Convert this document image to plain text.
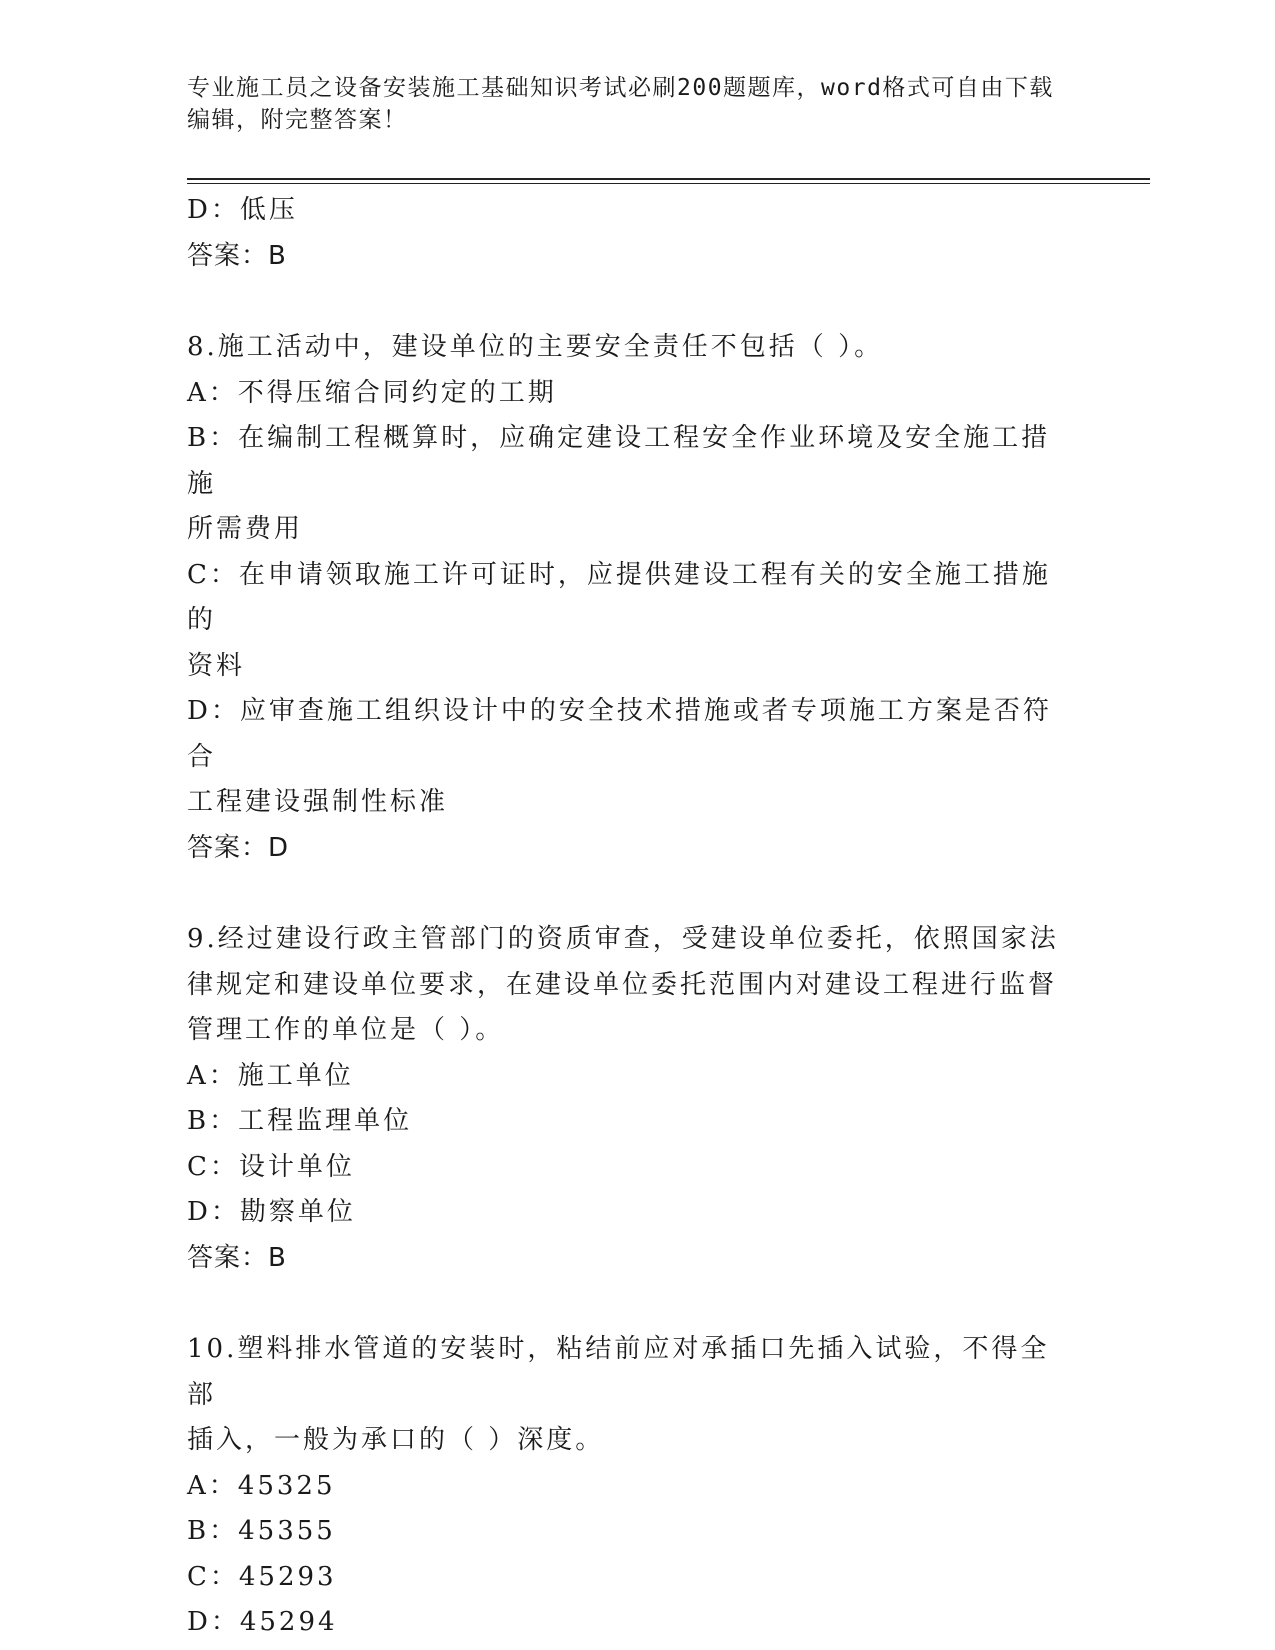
专业施工员之设备安装施工基础知识考试必刷200题题库，word格式可自由下载
编辑，附完整答案！
D：低压
答案：B
8.施工活动中，建设单位的主要安全责任不包括（ ）。
A：不得压缩合同约定的工期
B：在编制工程概算时，应确定建设工程安全作业环境及安全施工措施
所需费用
C：在申请领取施工许可证时，应提供建设工程有关的安全施工措施的
资料
D：应审查施工组织设计中的安全技术措施或者专项施工方案是否符合
工程建设强制性标准
答案：D
9.经过建设行政主管部门的资质审查，受建设单位委托，依照国家法
律规定和建设单位要求，在建设单位委托范围内对建设工程进行监督
管理工作的单位是（ ）。
A：施工单位
B：工程监理单位
C：设计单位
D：勘察单位
答案：B
10.塑料排水管道的安装时，粘结前应对承插口先插入试验，不得全部
插入，一般为承口的（ ）深度。
A：45325
B：45355
C：45293
D：45294
